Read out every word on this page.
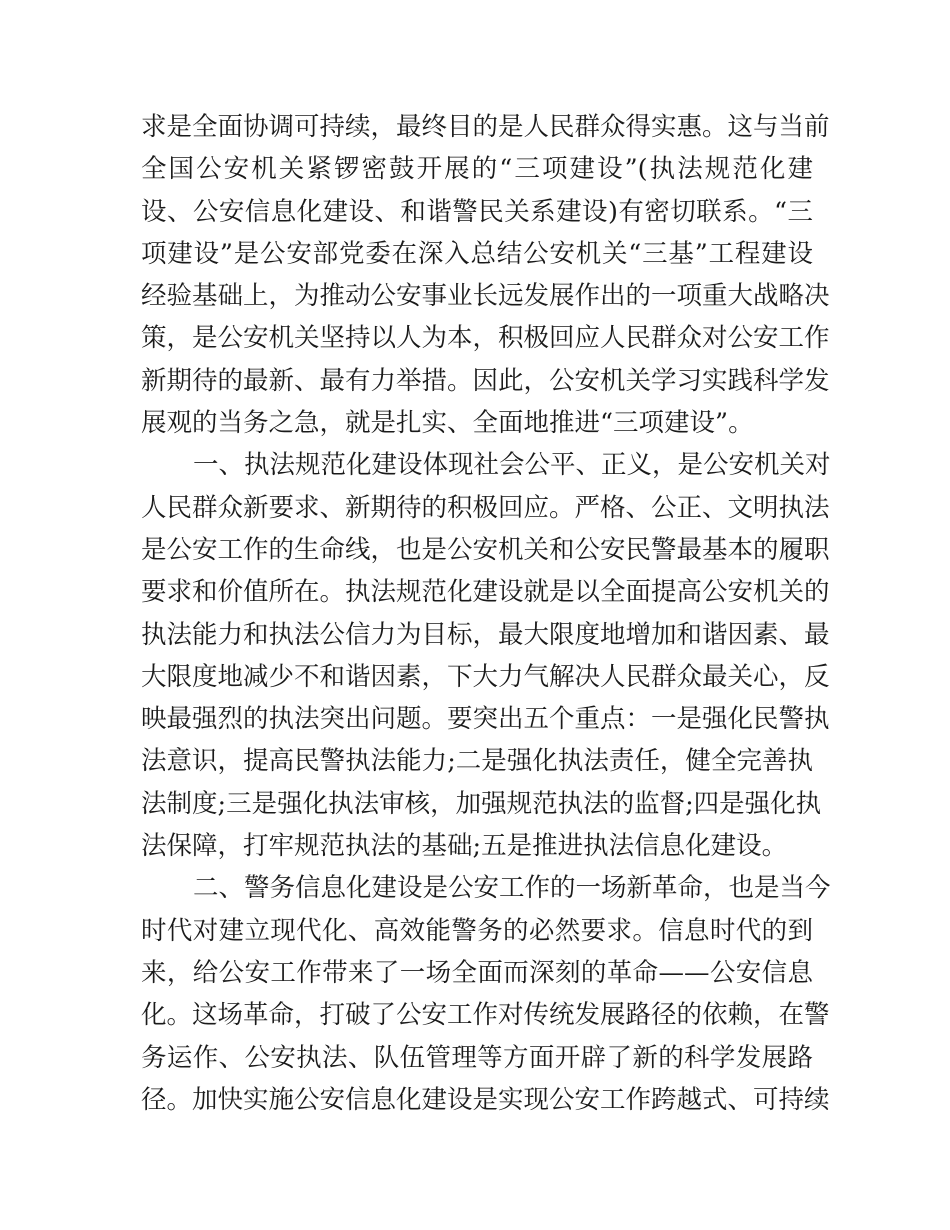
求是全面协调可持续，最终目的是人民群众得实惠。这与当前
全国公安机关紧锣密鼓开展的“三项建设”(执法规范化建
设、公安信息化建设、和谐警民关系建设)有密切联系。“三
项建设”是公安部党委在深入总结公安机关“三基”工程建设
经验基础上，为推动公安事业长远发展作出的一项重大战略决
策，是公安机关坚持以人为本，积极回应人民群众对公安工作
新期待的最新、最有力举措。因此，公安机关学习实践科学发
展观的当务之急，就是扎实、全面地推进“三项建设”。
一、执法规范化建设体现社会公平、正义，是公安机关对
人民群众新要求、新期待的积极回应。严格、公正、文明执法
是公安工作的生命线，也是公安机关和公安民警最基本的履职
要求和价值所在。执法规范化建设就是以全面提高公安机关的
执法能力和执法公信力为目标，最大限度地增加和谐因素、最
大限度地减少不和谐因素，下大力气解决人民群众最关心，反
映最强烈的执法突出问题。要突出五个重点：一是强化民警执
法意识，提高民警执法能力;二是强化执法责任，健全完善执
法制度;三是强化执法审核，加强规范执法的监督;四是强化执
法保障，打牢规范执法的基础;五是推进执法信息化建设。
二、警务信息化建设是公安工作的一场新革命，也是当今
时代对建立现代化、高效能警务的必然要求。信息时代的到
来，给公安工作带来了一场全面而深刻的革命——公安信息
化。这场革命，打破了公安工作对传统发展路径的依赖，在警
务运作、公安执法、队伍管理等方面开辟了新的科学发展路
径。加快实施公安信息化建设是实现公安工作跨越式、可持续
